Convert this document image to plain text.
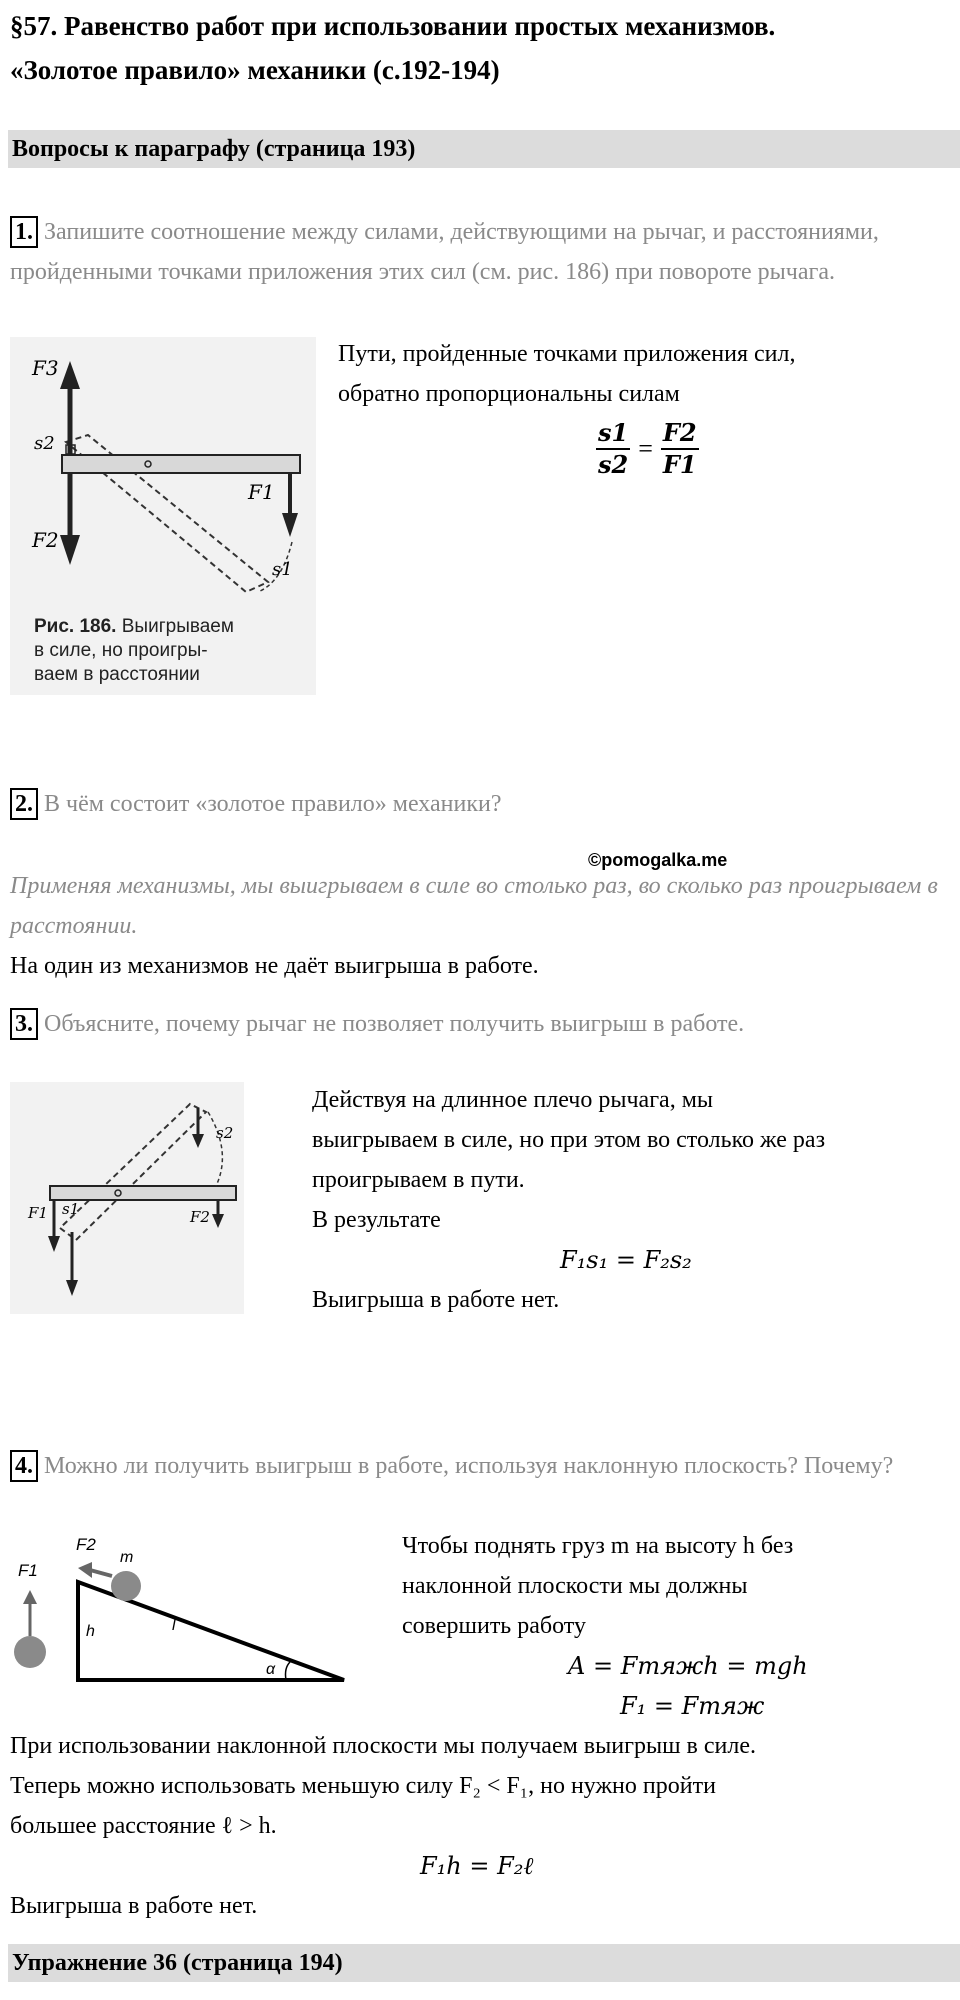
§57. Равенство работ при использовании простых механизмов.
«Золотое правило» механики (с.192-194)
Вопросы к параграфу (страница 193)
1. Запишите соотношение между силами, действующими на рычаг, и расстояниями, пройденными точками приложения этих сил (см. рис. 186) при повороте рычага.
F3
s2
F1
F2
s1
Рис. 186. Выигрываем
в силе, но проигры-
ваем в расстоянии
Пути, пройденные точками приложения сил,
обратно пропорциональны силам
$\frac{s1}{s2} = \frac{F2}{F1}$
2. В чём состоит «золотое правило» механики?
©pomogalka.me
Применяя механизмы, мы выигрываем в силе во столько раз, во сколько раз проигрываем в расстоянии.
На один из механизмов не даёт выигрыша в работе.
3. Объясните, почему рычаг не позволяет получить выигрыш в работе.
s2
s1
F1	F2
Действуя на длинное плечо рычага, мы
выигрываем в силе, но при этом во столько же раз
проигрываем в пути.
В результате
F₁s₁ = F₂s₂
Выигрыша в работе нет.
4. Можно ли получить выигрыш в работе, используя наклонную плоскость? Почему?
F1
F2
m
h	l
α
Чтобы поднять груз m на высоту h без
наклонной плоскости мы должны
совершить работу
A = Fтяжh = mgh
F₁ = Fтяж
При использовании наклонной плоскости мы получаем выигрыш в силе.
Теперь можно использовать меньшую силу F₂ < F₁, но нужно пройти
большее расстояние ℓ > h.
F₁h = F₂ℓ
Выигрыша в работе нет.
Упражнение 36 (страница 194)
